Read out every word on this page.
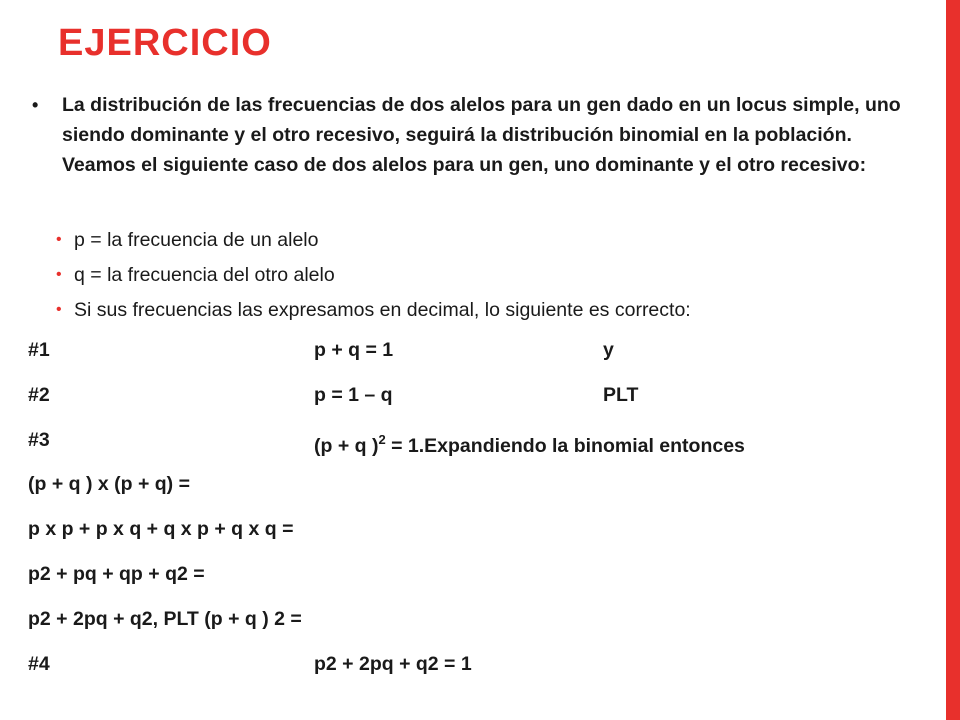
EJERCICIO
• La distribución de las frecuencias de dos alelos para un gen dado en un locus simple, uno siendo dominante y el otro recesivo, seguirá la distribución binomial en la población. Veamos el siguiente caso de dos alelos para un gen, uno dominante y el otro recesivo:
• p = la frecuencia de un alelo
• q = la frecuencia del otro alelo
• Si sus frecuencias las expresamos en decimal, lo siguiente es correcto:
#1	p + q = 1	y
#2	p = 1 – q	PLT
#3	(p + q )$^2$ = 1.Expandiendo la binomial entonces
(p + q ) x (p + q) =
p x p + p x q + q x p + q x q =
p2 + pq + qp + q2 =
p2 + 2pq + q2, PLT (p + q ) 2 =
#4	p2 + 2pq + q2 = 1
